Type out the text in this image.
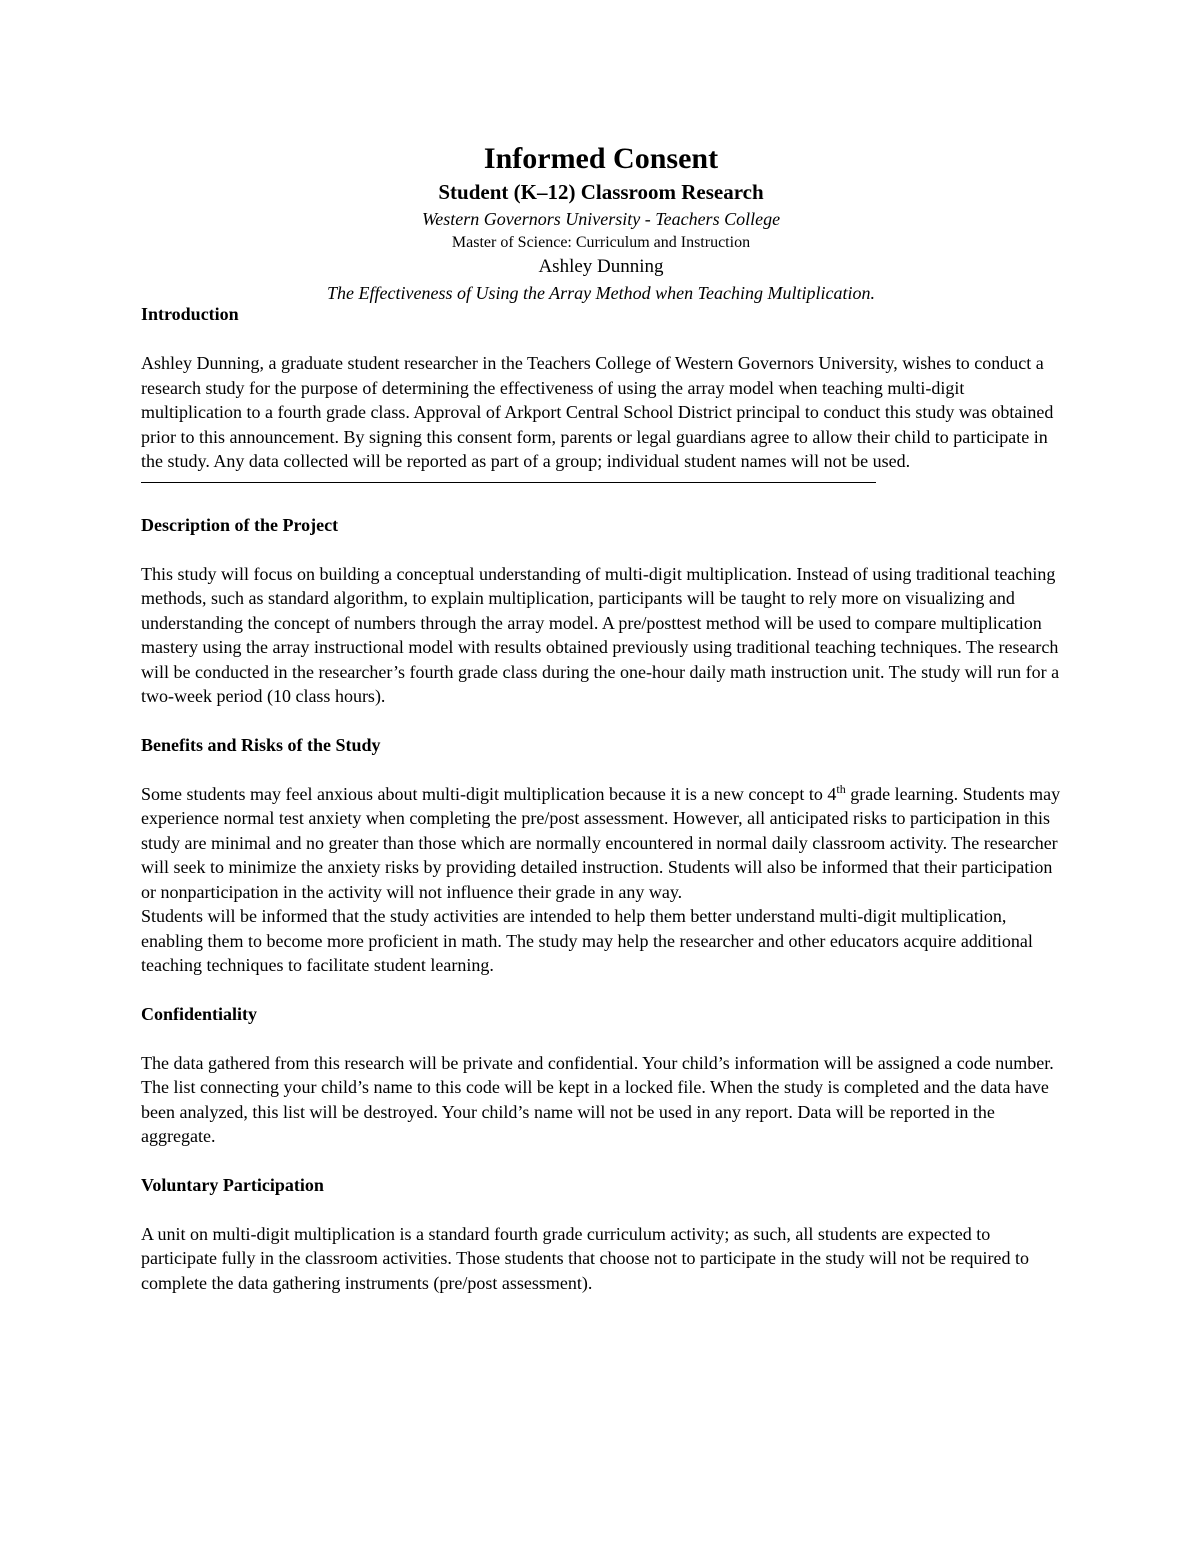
Informed Consent

Student (K–12) Classroom Research

Western Governors University - Teachers College

Master of Science: Curriculum and Instruction

Ashley Dunning

The Effectiveness of Using the Array Method when Teaching Multiplication.

Introduction

Ashley Dunning, a graduate student researcher in the Teachers College of Western Governors University, wishes to conduct a research study for the purpose of determining the effectiveness of using the array model when teaching multi-digit multiplication to a fourth grade class. Approval of Arkport Central School District principal to conduct this study was obtained prior to this announcement. By signing this consent form, parents or legal guardians agree to allow their child to participate in the study. Any data collected will be reported as part of a group; individual student names will not be used.

Description of the Project

This study will focus on building a conceptual understanding of multi-digit multiplication. Instead of using traditional teaching methods, such as standard algorithm, to explain multiplication, participants will be taught to rely more on visualizing and understanding the concept of numbers through the array model. A pre/posttest method will be used to compare multiplication mastery using the array instructional model with results obtained previously using traditional teaching techniques. The research will be conducted in the researcher’s fourth grade class during the one-hour daily math instruction unit. The study will run for a two-week period (10 class hours).

Benefits and Risks of the Study

Some students may feel anxious about multi-digit multiplication because it is a new concept to 4th grade learning. Students may experience normal test anxiety when completing the pre/post assessment. However, all anticipated risks to participation in this study are minimal and no greater than those which are normally encountered in normal daily classroom activity. The researcher will seek to minimize the anxiety risks by providing detailed instruction. Students will also be informed that their participation or nonparticipation in the activity will not influence their grade in any way.

Students will be informed that the study activities are intended to help them better understand multi-digit multiplication, enabling them to become more proficient in math. The study may help the researcher and other educators acquire additional teaching techniques to facilitate student learning.

Confidentiality

The data gathered from this research will be private and confidential. Your child’s information will be assigned a code number. The list connecting your child’s name to this code will be kept in a locked file. When the study is completed and the data have been analyzed, this list will be destroyed. Your child’s name will not be used in any report. Data will be reported in the aggregate.

Voluntary Participation

A unit on multi-digit multiplication is a standard fourth grade curriculum activity; as such, all students are expected to participate fully in the classroom activities. Those students that choose not to participate in the study will not be required to complete the data gathering instruments (pre/post assessment).
